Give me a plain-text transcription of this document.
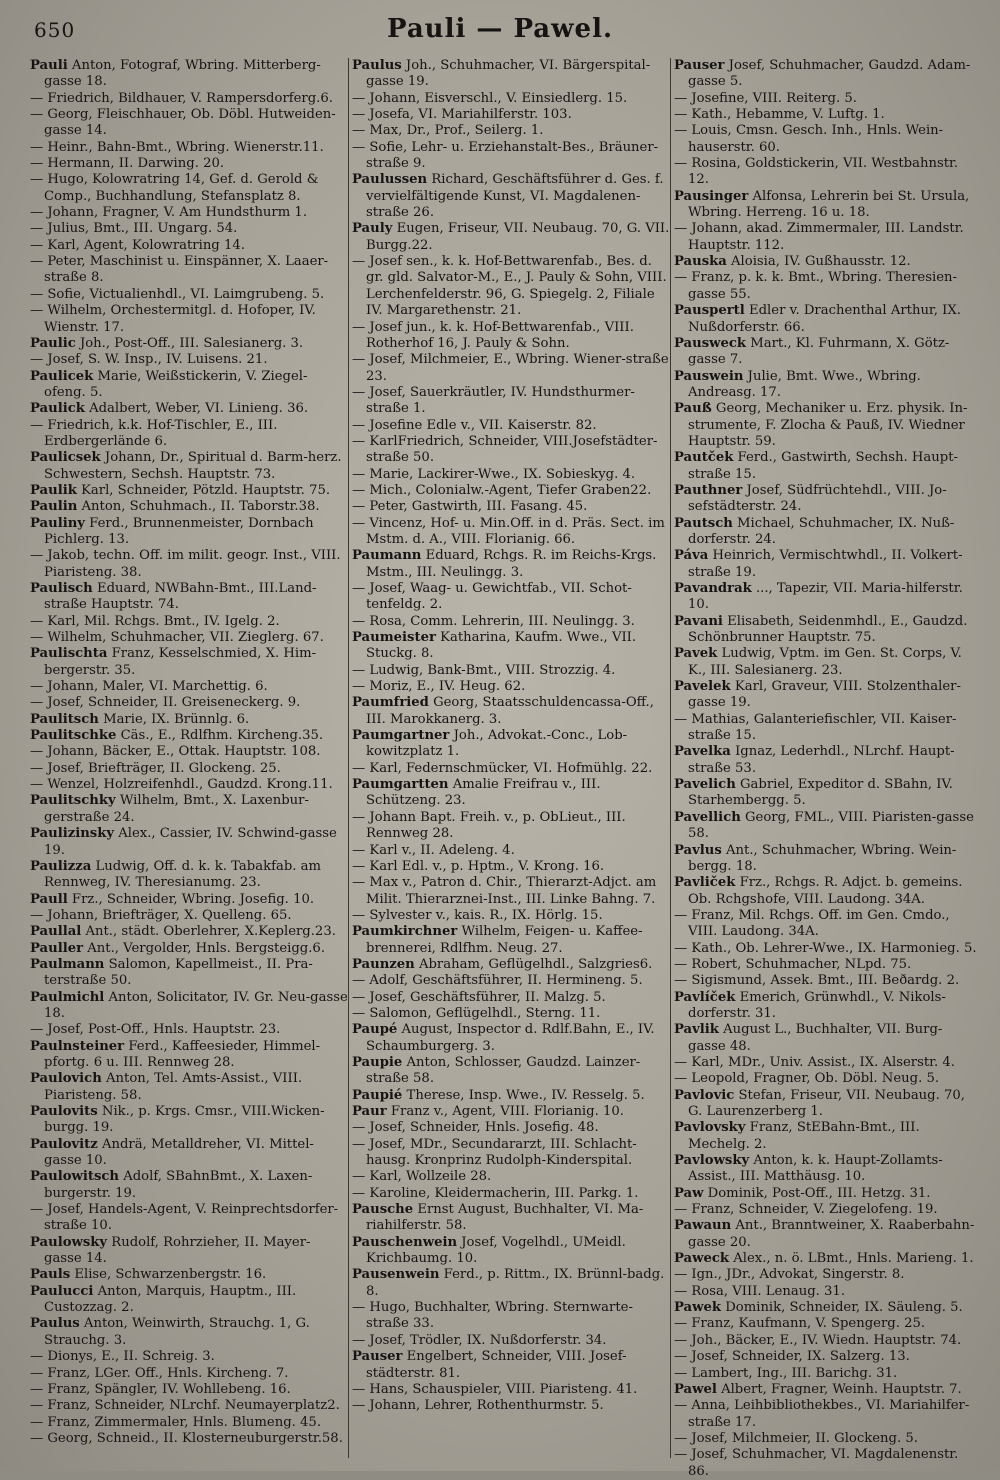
650	Pauli — Pawel.
Pauli Anton, Fotograf, Wbring. Mitterberg-gasse 18.
— Friedrich, Bildhauer, V. Rampersdorferg.6.
— Georg, Fleischhauer, Ob. Döbl. Hutweiden-gasse 14.
— Heinr., Bahn-Bmt., Wbring. Wienerstr.11.
— Hermann, II. Darwing. 20.
— Hugo, Kolowratring 14, Gef. d. Gerold & Comp., Buchhandlung, Stefansplatz 8.
— Johann, Fragner, V. Am Hundsthurm 1.
— Julius, Bmt., III. Ungarg. 54.
— Karl, Agent, Kolowratring 14.
— Peter, Maschinist u. Einspänner, X. Laaer-straße 8.
— Sofie, Victualienhdl., VI. Laimgrubeng. 5.
— Wilhelm, Orchestermitgl. d. Hofoper, IV. Wienstr. 17.
Paulic Joh., Post-Off., III. Salesianerg. 3.
— Josef, S. W. Insp., IV. Luisens. 21.
Paulicek Marie, Weißstickerin, V. Ziegel-ofeng. 5.
Paulick Adalbert, Weber, VI. Linieng. 36.
— Friedrich, k.k. Hof-Tischler, E., III. Erdbergerlände 6.
Paulicsek Johann, Dr., Spiritual d. Barm-herz. Schwestern, Sechsh. Hauptstr. 73.
Paulik Karl, Schneider, Pötzld. Hauptstr. 75.
Paulin Anton, Schuhmach., II. Taborstr.38.
Pauliny Ferd., Brunnenmeister, Dornbach Pichlerg. 13.
— Jakob, techn. Off. im milit. geogr. Inst., VIII. Piaristeng. 38.
Paulisch Eduard, NWBahn-Bmt., III.Land-straße Hauptstr. 74.
— Karl, Mil. Rchgs. Bmt., IV. Igelg. 2.
— Wilhelm, Schuhmacher, VII. Zieglerg. 67.
Paulischta Franz, Kesselschmied, X. Him-bergerstr. 35.
— Johann, Maler, VI. Marchettig. 6.
— Josef, Schneider, II. Greiseneckerg. 9.
Paulitsch Marie, IX. Brünnlg. 6.
Paulitschke Cäs., E., Rdlfhm. Kircheng.35.
— Johann, Bäcker, E., Ottak. Hauptstr. 108.
— Josef, Briefträger, II. Glockeng. 25.
— Wenzel, Holzreifenhdl., Gaudzd. Krong.11.
Paulitschky Wilhelm, Bmt., X. Laxenbur-gerstraße 24.
Paulizinsky Alex., Cassier, IV. Schwind-gasse 19.
Paulizza Ludwig, Off. d. k. k. Tabakfab. am Rennweg, IV. Theresianumg. 23.
Paull Frz., Schneider, Wbring. Josefig. 10.
— Johann, Briefträger, X. Quelleng. 65.
Paullal Ant., städt. Oberlehrer, X.Keplerg.23.
Pauller Ant., Vergolder, Hnls. Bergsteigg.6.
Paulmann Salomon, Kapellmeist., II. Pra-terstraße 50.
Paulmichl Anton, Solicitator, IV. Gr. Neu-gasse 18.
— Josef, Post-Off., Hnls. Hauptstr. 23.
Paulnsteiner Ferd., Kaffeesieder, Himmel-pfortg. 6 u. III. Rennweg 28.
Paulovich Anton, Tel. Amts-Assist., VIII. Piaristeng. 58.
Paulovits Nik., p. Krgs. Cmsr., VIII.Wicken-burgg. 19.
Paulovitz Andrä, Metalldreher, VI. Mittel-gasse 10.
Paulowitsch Adolf, SBahnBmt., X. Laxen-burgerstr. 19.
— Josef, Handels-Agent, V. Reinprechtsdorfer-straße 10.
Paulowsky Rudolf, Rohrzieher, II. Mayer-gasse 14.
Pauls Elise, Schwarzenbergstr. 16.
Paulucci Anton, Marquis, Hauptm., III. Custozzag. 2.
Paulus Anton, Weinwirth, Strauchg. 1, G. Strauchg. 3.
— Dionys, E., II. Schreig. 3.
— Franz, LGer. Off., Hnls. Kircheng. 7.
— Franz, Spängler, IV. Wohllebeng. 16.
— Franz, Schneider, NLrchf. Neumayerplatz2.
— Franz, Zimmermaler, Hnls. Blumeng. 45.
— Georg, Schneid., II. Klosterneuburgerstr.58.
Paulus Joh., Schuhmacher, VI. Bärgerspital-gasse 19.
— Johann, Eisverschl., V. Einsiedlerg. 15.
— Josefa, VI. Mariahilferstr. 103.
— Max, Dr., Prof., Seilerg. 1.
— Sofie, Lehr- u. Erziehanstalt-Bes., Bräuner-straße 9.
Paulussen Richard, Geschäftsführer d. Ges. f. vervielfältigende Kunst, VI. Magdalenen-straße 26.
Pauly Eugen, Friseur, VII. Neubaug. 70, G. VII. Burgg.22.
— Josef sen., k. k. Hof-Bettwarenfab., Bes. d. gr. gld. Salvator-M., E., J. Pauly & Sohn, VIII. Lerchenfelderstr. 96, G. Spiegelg. 2, Filiale IV. Margarethenstr. 21.
— Josef jun., k. k. Hof-Bettwarenfab., VIII. Rotherhof 16, J. Pauly & Sohn.
— Josef, Milchmeier, E., Wbring. Wiener-straße 23.
— Josef, Sauerkräutler, IV. Hundsthurmer-straße 1.
— Josefine Edle v., VII. Kaiserstr. 82.
— KarlFriedrich, Schneider, VIII.Josefstädter-straße 50.
— Marie, Lackirer-Wwe., IX. Sobieskyg. 4.
— Mich., Colonialw.-Agent, Tiefer Graben22.
— Peter, Gastwirth, III. Fasang. 45.
— Vincenz, Hof- u. Min.Off. in d. Präs. Sect. im Mstm. d. A., VIII. Florianig. 66.
Paumann Eduard, Rchgs. R. im Reichs-Krgs. Mstm., III. Neulingg. 3.
— Josef, Waag- u. Gewichtfab., VII. Schot-tenfeldg. 2.
— Rosa, Comm. Lehrerin, III. Neulingg. 3.
Paumeister Katharina, Kaufm. Wwe., VII. Stuckg. 8.
— Ludwig, Bank-Bmt., VIII. Strozzig. 4.
— Moriz, E., IV. Heug. 62.
Paumfried Georg, Staatsschuldencassa-Off., III. Marokkanerg. 3.
Paumgartner Joh., Advokat.-Conc., Lob-kowitzplatz 1.
— Karl, Federnschmücker, VI. Hofmühlg. 22.
Paumgartten Amalie Freifrau v., III. Schützeng. 23.
— Johann Bapt. Freih. v., p. ObLieut., III. Rennweg 28.
— Karl v., II. Adeleng. 4.
— Karl Edl. v., p. Hptm., V. Krong. 16.
— Max v., Patron d. Chir., Thierarzt-Adjct. am Milit. Thierarznei-Inst., III. Linke Bahng. 7.
— Sylvester v., kais. R., IX. Hörlg. 15.
Paumkirchner Wilhelm, Feigen- u. Kaffee-brennerei, Rdlfhm. Neug. 27.
Paunzen Abraham, Geflügelhdl., Salzgries6.
— Adolf, Geschäftsführer, II. Hermineng. 5.
— Josef, Geschäftsführer, II. Malzg. 5.
— Salomon, Geflügelhdl., Sterng. 11.
Paupé August, Inspector d. Rdlf.Bahn, E., IV. Schaumburgerg. 3.
Paupie Anton, Schlosser, Gaudzd. Lainzer-straße 58.
Paupié Therese, Insp. Wwe., IV. Resselg. 5.
Paur Franz v., Agent, VIII. Florianig. 10.
— Josef, Schneider, Hnls. Josefig. 48.
— Josef, MDr., Secundararzt, III. Schlacht-hausg. Kronprinz Rudolph-Kinderspital.
— Karl, Wollzeile 28.
— Karoline, Kleidermacherin, III. Parkg. 1.
Pausche Ernst August, Buchhalter, VI. Ma-riahilferstr. 58.
Pauschenwein Josef, Vogelhdl., UMeidl. Krichbaumg. 10.
Pausenwein Ferd., p. Rittm., IX. Brünnl-badg. 8.
— Hugo, Buchhalter, Wbring. Sternwarte-straße 33.
— Josef, Trödler, IX. Nußdorferstr. 34.
Pauser Engelbert, Schneider, VIII. Josef-städterstr. 81.
— Hans, Schauspieler, VIII. Piaristeng. 41.
— Johann, Lehrer, Rothenthurmstr. 5.
Pauser Josef, Schuhmacher, Gaudzd. Adam-gasse 5.
— Josefine, VIII. Reiterg. 5.
— Kath., Hebamme, V. Luftg. 1.
— Louis, Cmsn. Gesch. Inh., Hnls. Wein-hauserstr. 60.
— Rosina, Goldstickerin, VII. Westbahnstr. 12.
Pausinger Alfonsa, Lehrerin bei St. Ursula, Wbring. Herreng. 16 u. 18.
— Johann, akad. Zimmermaler, III. Landstr. Hauptstr. 112.
Pauska Aloisia, IV. Gußhausstr. 12.
— Franz, p. k. k. Bmt., Wbring. Theresien-gasse 55.
Pauspertl Edler v. Drachenthal Arthur, IX. Nußdorferstr. 66.
Pausweck Mart., Kl. Fuhrmann, X. Götz-gasse 7.
Pauswein Julie, Bmt. Wwe., Wbring. Andreasg. 17.
Pauß Georg, Mechaniker u. Erz. physik. In-strumente, F. Zlocha & Pauß, IV. Wiedner Hauptstr. 59.
Pautček Ferd., Gastwirth, Sechsh. Haupt-straße 15.
Pauthner Josef, Südfrüchtehdl., VIII. Jo-sefstädterstr. 24.
Pautsch Michael, Schuhmacher, IX. Nuß-dorferstr. 24.
Páva Heinrich, Vermischtwhdl., II. Volkert-straße 19.
Pavandrak ..., Tapezir, VII. Maria-hilferstr. 10.
Pavani Elisabeth, Seidenmhdl., E., Gaudzd. Schönbrunner Hauptstr. 75.
Pavek Ludwig, Vptm. im Gen. St. Corps, V. K., III. Salesianerg. 23.
Pavelek Karl, Graveur, VIII. Stolzenthaler-gasse 19.
— Mathias, Galanteriefischler, VII. Kaiser-straße 15.
Pavelka Ignaz, Lederhdl., NLrchf. Haupt-straße 53.
Pavelich Gabriel, Expeditor d. SBahn, IV. Starhembergg. 5.
Pavellich Georg, FML., VIII. Piaristen-gasse 58.
Pavlus Ant., Schuhmacher, Wbring. Wein-bergg. 18.
Pavliček Frz., Rchgs. R. Adjct. b. gemeins. Ob. Rchgshofe, VIII. Laudong. 34A.
— Franz, Mil. Rchgs. Off. im Gen. Cmdo., VIII. Laudong. 34A.
— Kath., Ob. Lehrer-Wwe., IX. Harmonieg. 5.
— Robert, Schuhmacher, NLpd. 75.
— Sigismund, Assek. Bmt., III. Beðardg. 2.
Pavlíček Emerich, Grünwhdl., V. Nikols-dorferstr. 31.
Pavlik August L., Buchhalter, VII. Burg-gasse 48.
— Karl, MDr., Univ. Assist., IX. Alserstr. 4.
— Leopold, Fragner, Ob. Döbl. Neug. 5.
Pavlovic Stefan, Friseur, VII. Neubaug. 70, G. Laurenzerberg 1.
Pavlovsky Franz, StEBahn-Bmt., III. Mechelg. 2.
Pavlowsky Anton, k. k. Haupt-Zollamts-Assist., III. Matthäusg. 10.
Paw Dominik, Post-Off., III. Hetzg. 31.
— Franz, Schneider, V. Ziegelofeng. 19.
Pawaun Ant., Branntweiner, X. Raaberbahn-gasse 20.
Paweck Alex., n. ö. LBmt., Hnls. Marieng. 1.
— Ign., JDr., Advokat, Singerstr. 8.
— Rosa, VIII. Lenaug. 31.
Pawek Dominik, Schneider, IX. Säuleng. 5.
— Franz, Kaufmann, V. Spengerg. 25.
— Joh., Bäcker, E., IV. Wiedn. Hauptstr. 74.
— Josef, Schneider, IX. Salzerg. 13.
— Lambert, Ing., III. Barichg. 31.
Pawel Albert, Fragner, Weinh. Hauptstr. 7.
— Anna, Leihbibliothekbes., VI. Mariahilfer-straße 17.
— Josef, Milchmeier, II. Glockeng. 5.
— Josef, Schuhmacher, VI. Magdalenenstr. 86.
